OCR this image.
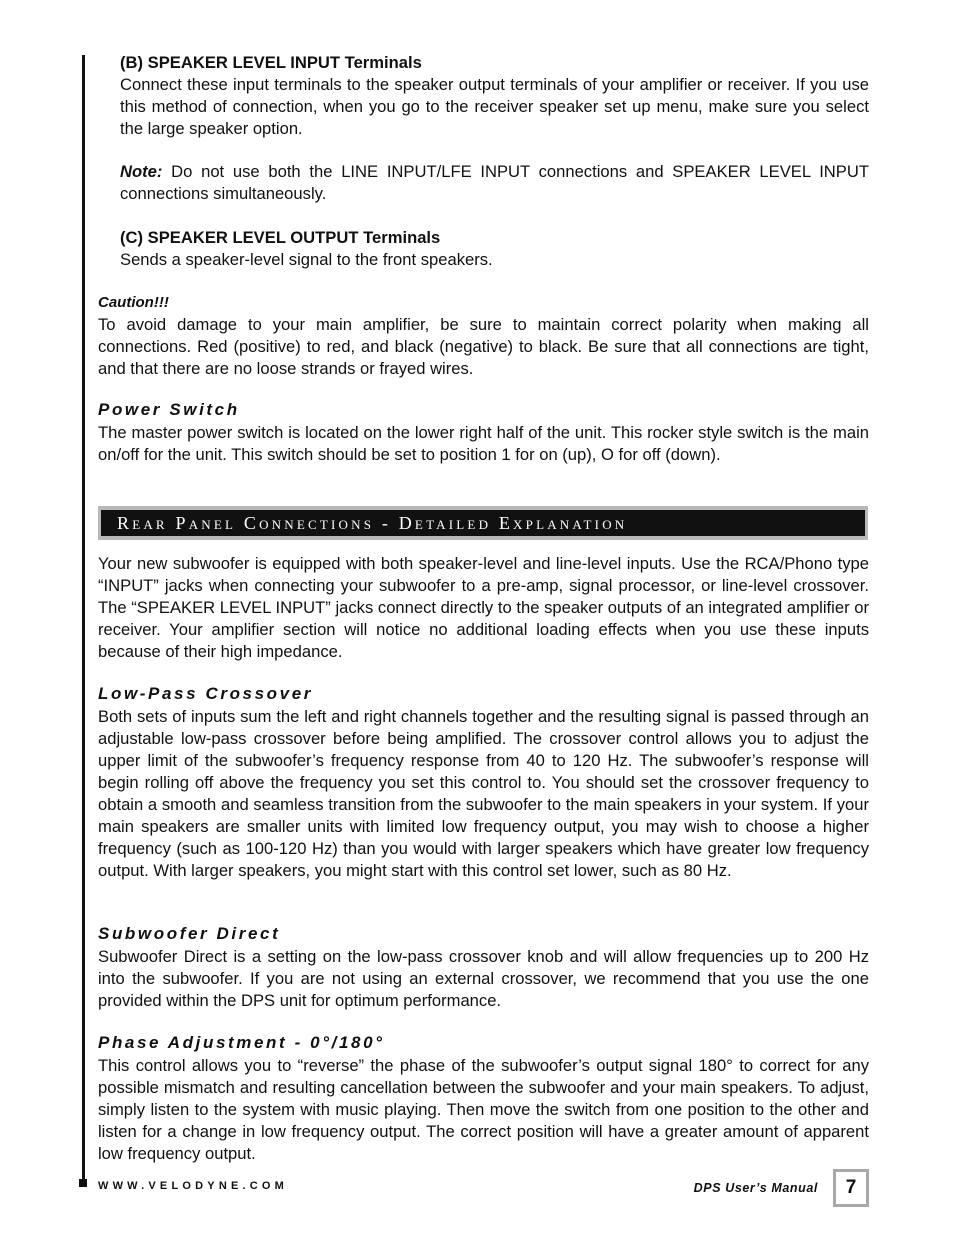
(B) SPEAKER LEVEL INPUT Terminals

Connect these input terminals to the speaker output terminals of your amplifier or receiver. If you use this method of connection, when you go to the receiver speaker set up menu, make sure you select the large speaker option.

Note: Do not use both the LINE INPUT/LFE INPUT connections and SPEAKER LEVEL INPUT connections simultaneously.

(C) SPEAKER LEVEL OUTPUT Terminals

Sends a speaker-level signal to the front speakers.

Caution!!!

To avoid damage to your main amplifier, be sure to maintain correct polarity when making all connections. Red (positive) to red, and black (negative) to black. Be sure that all connections are tight, and that there are no loose strands or frayed wires.

Power Switch

The master power switch is located on the lower right half of the unit. This rocker style switch is the main on/off for the unit. This switch should be set to position 1 for on (up), O for off (down).

Rear Panel Connections - Detailed Explanation

Your new subwoofer is equipped with both speaker-level and line-level inputs. Use the RCA/Phono type “INPUT” jacks when connecting your subwoofer to a pre-amp, signal processor, or line-level crossover. The “SPEAKER LEVEL INPUT” jacks connect directly to the speaker outputs of an integrated amplifier or receiver. Your amplifier section will notice no additional loading effects when you use these inputs because of their high impedance.

Low-Pass Crossover

Both sets of inputs sum the left and right channels together and the resulting signal is passed through an adjustable low-pass crossover before being amplified. The crossover control allows you to adjust the upper limit of the subwoofer’s frequency response from 40 to 120 Hz. The subwoofer’s response will begin rolling off above the frequency you set this control to. You should set the crossover frequency to obtain a smooth and seamless transition from the subwoofer to the main speakers in your system. If your main speakers are smaller units with limited low frequency output, you may wish to choose a higher frequency (such as 100-120 Hz) than you would with larger speakers which have greater low frequency output. With larger speakers, you might start with this control set lower, such as 80 Hz.

Subwoofer Direct

Subwoofer Direct is a setting on the low-pass crossover knob and will allow frequencies up to 200 Hz into the subwoofer. If you are not using an external crossover, we recommend that you use the one provided within the DPS unit for optimum performance.

Phase Adjustment - 0°/180°

This control allows you to “reverse” the phase of the subwoofer’s output signal 180° to correct for any possible mismatch and resulting cancellation between the subwoofer and your main speakers. To adjust, simply listen to the system with music playing. Then move the switch from one position to the other and listen for a change in low frequency output. The correct position will have a greater amount of apparent low frequency output.

WWW.VELODYNE.COM	DPS User’s Manual	7
